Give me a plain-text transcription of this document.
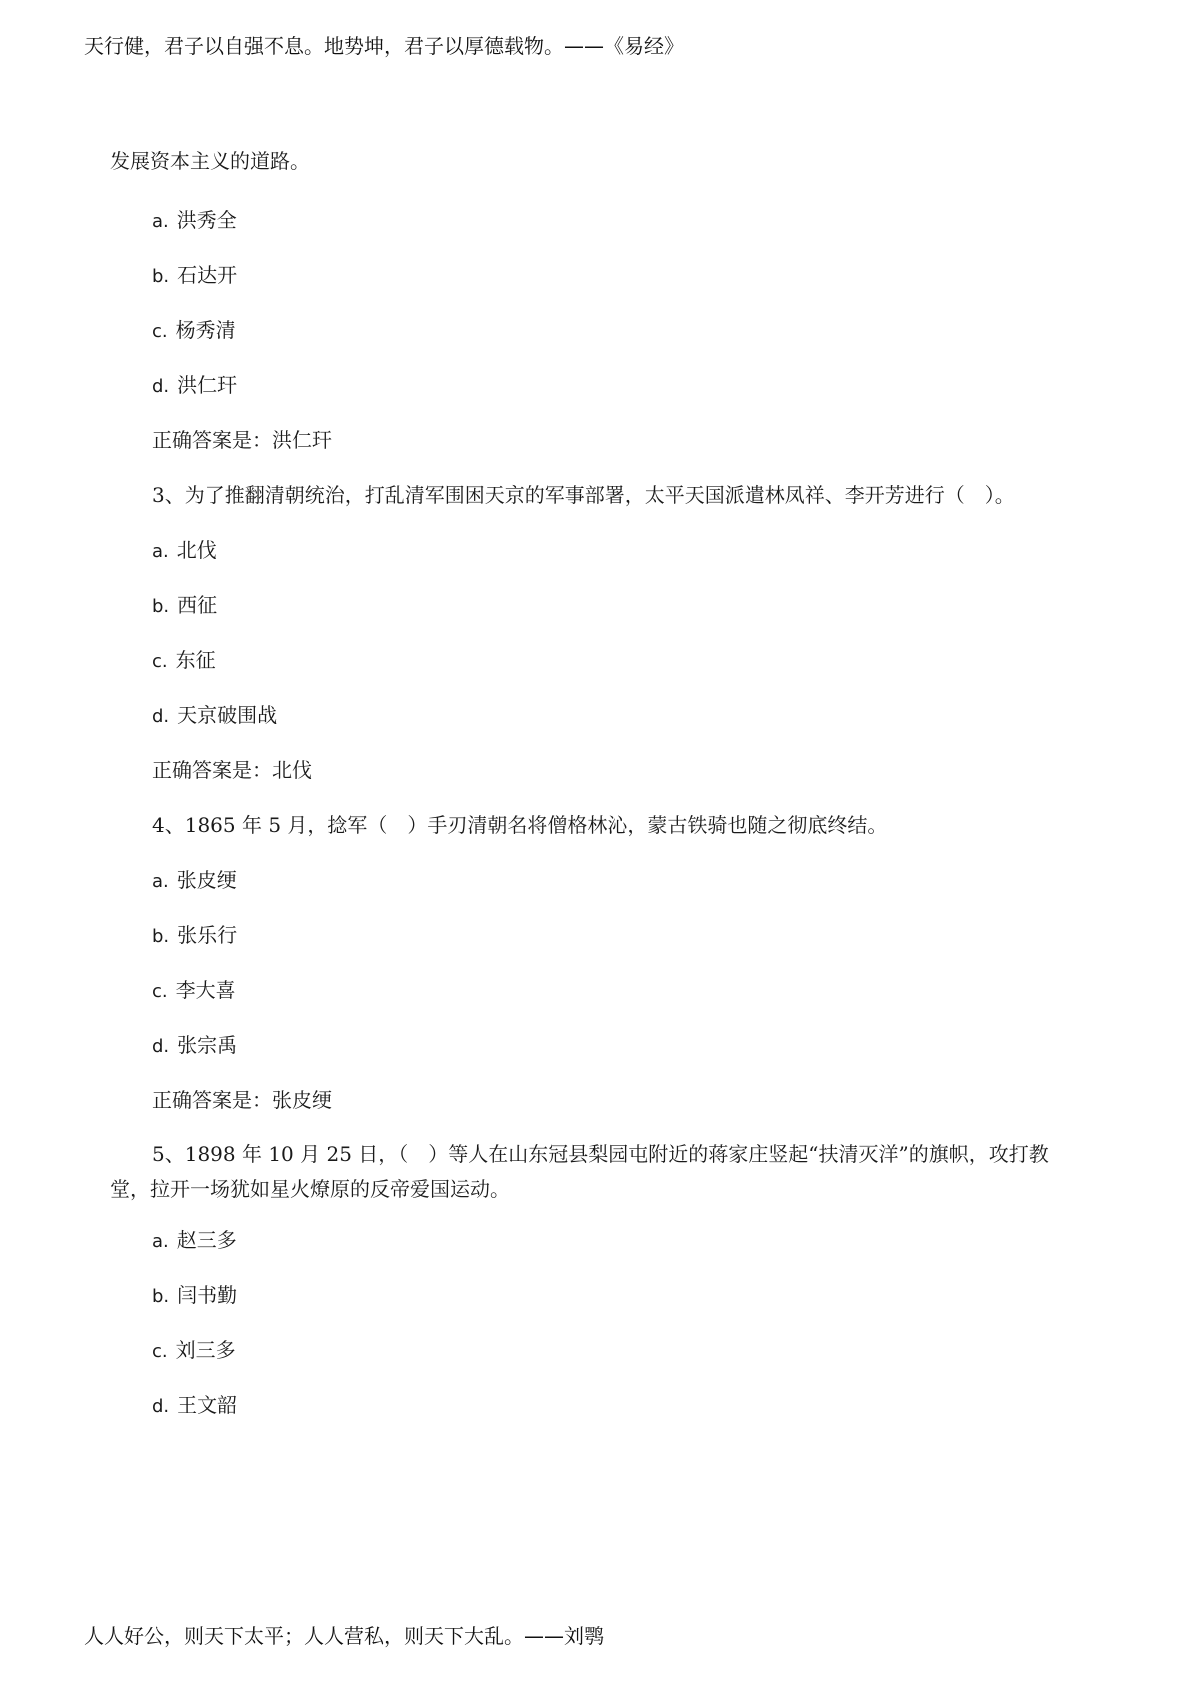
天行健，君子以自强不息。地势坤，君子以厚德载物。——《易经》
发展资本主义的道路。
a. 洪秀全
b. 石达开
c. 杨秀清
d. 洪仁玕
正确答案是：洪仁玕
3、为了推翻清朝统治，打乱清军围困天京的军事部署，太平天国派遣林凤祥、李开芳进行（　）。
a. 北伐
b. 西征
c. 东征
d. 天京破围战
正确答案是：北伐
4、1865 年 5 月，捻军（　）手刃清朝名将僧格林沁，蒙古铁骑也随之彻底终结。
a. 张皮绠
b. 张乐行
c. 李大喜
d. 张宗禹
正确答案是：张皮绠
5、1898 年 10 月 25 日，（　）等人在山东冠县梨园屯附近的蒋家庄竖起“扶清灭洋”的旗帜，攻打教堂，拉开一场犹如星火燎原的反帝爱国运动。
a. 赵三多
b. 闫书勤
c. 刘三多
d. 王文韶
人人好公，则天下太平；人人营私，则天下大乱。——刘鹗
